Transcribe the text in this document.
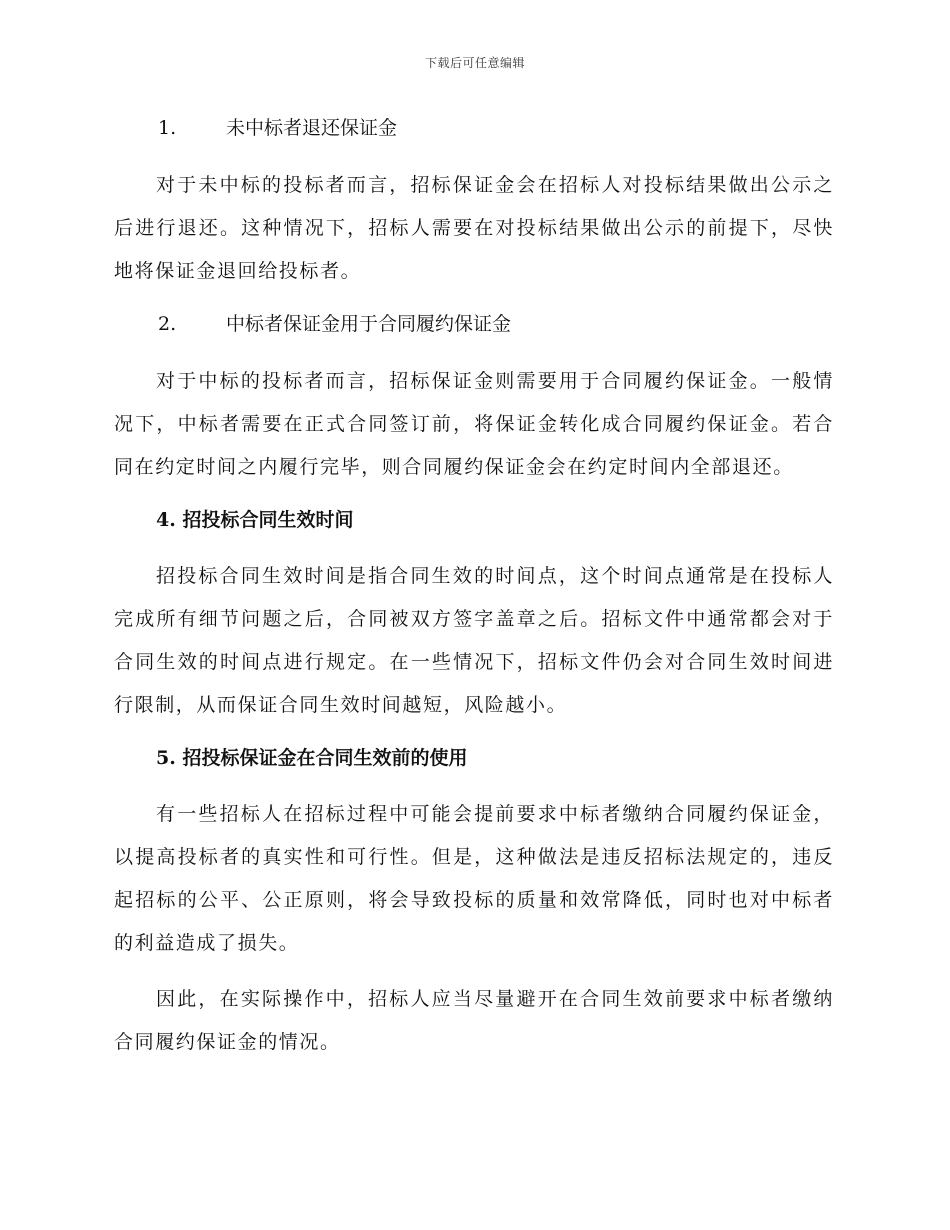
下载后可任意编辑
1.	未中标者退还保证金

对于未中标的投标者而言，招标保证金会在招标人对投标结果做出公示之后进行退还。这种情况下，招标人需要在对投标结果做出公示的前提下，尽快地将保证金退回给投标者。

2.	中标者保证金用于合同履约保证金

对于中标的投标者而言，招标保证金则需要用于合同履约保证金。一般情况下，中标者需要在正式合同签订前，将保证金转化成合同履约保证金。若合同在约定时间之内履行完毕，则合同履约保证金会在约定时间内全部退还。

4. 招投标合同生效时间

招投标合同生效时间是指合同生效的时间点，这个时间点通常是在投标人完成所有细节问题之后，合同被双方签字盖章之后。招标文件中通常都会对于合同生效的时间点进行规定。在一些情况下，招标文件仍会对合同生效时间进行限制，从而保证合同生效时间越短，风险越小。

5. 招投标保证金在合同生效前的使用

有一些招标人在招标过程中可能会提前要求中标者缴纳合同履约保证金，以提高投标者的真实性和可行性。但是，这种做法是违反招标法规定的，违反起招标的公平、公正原则，将会导致投标的质量和效常降低，同时也对中标者的利益造成了损失。

因此，在实际操作中，招标人应当尽量避开在合同生效前要求中标者缴纳合同履约保证金的情况。
